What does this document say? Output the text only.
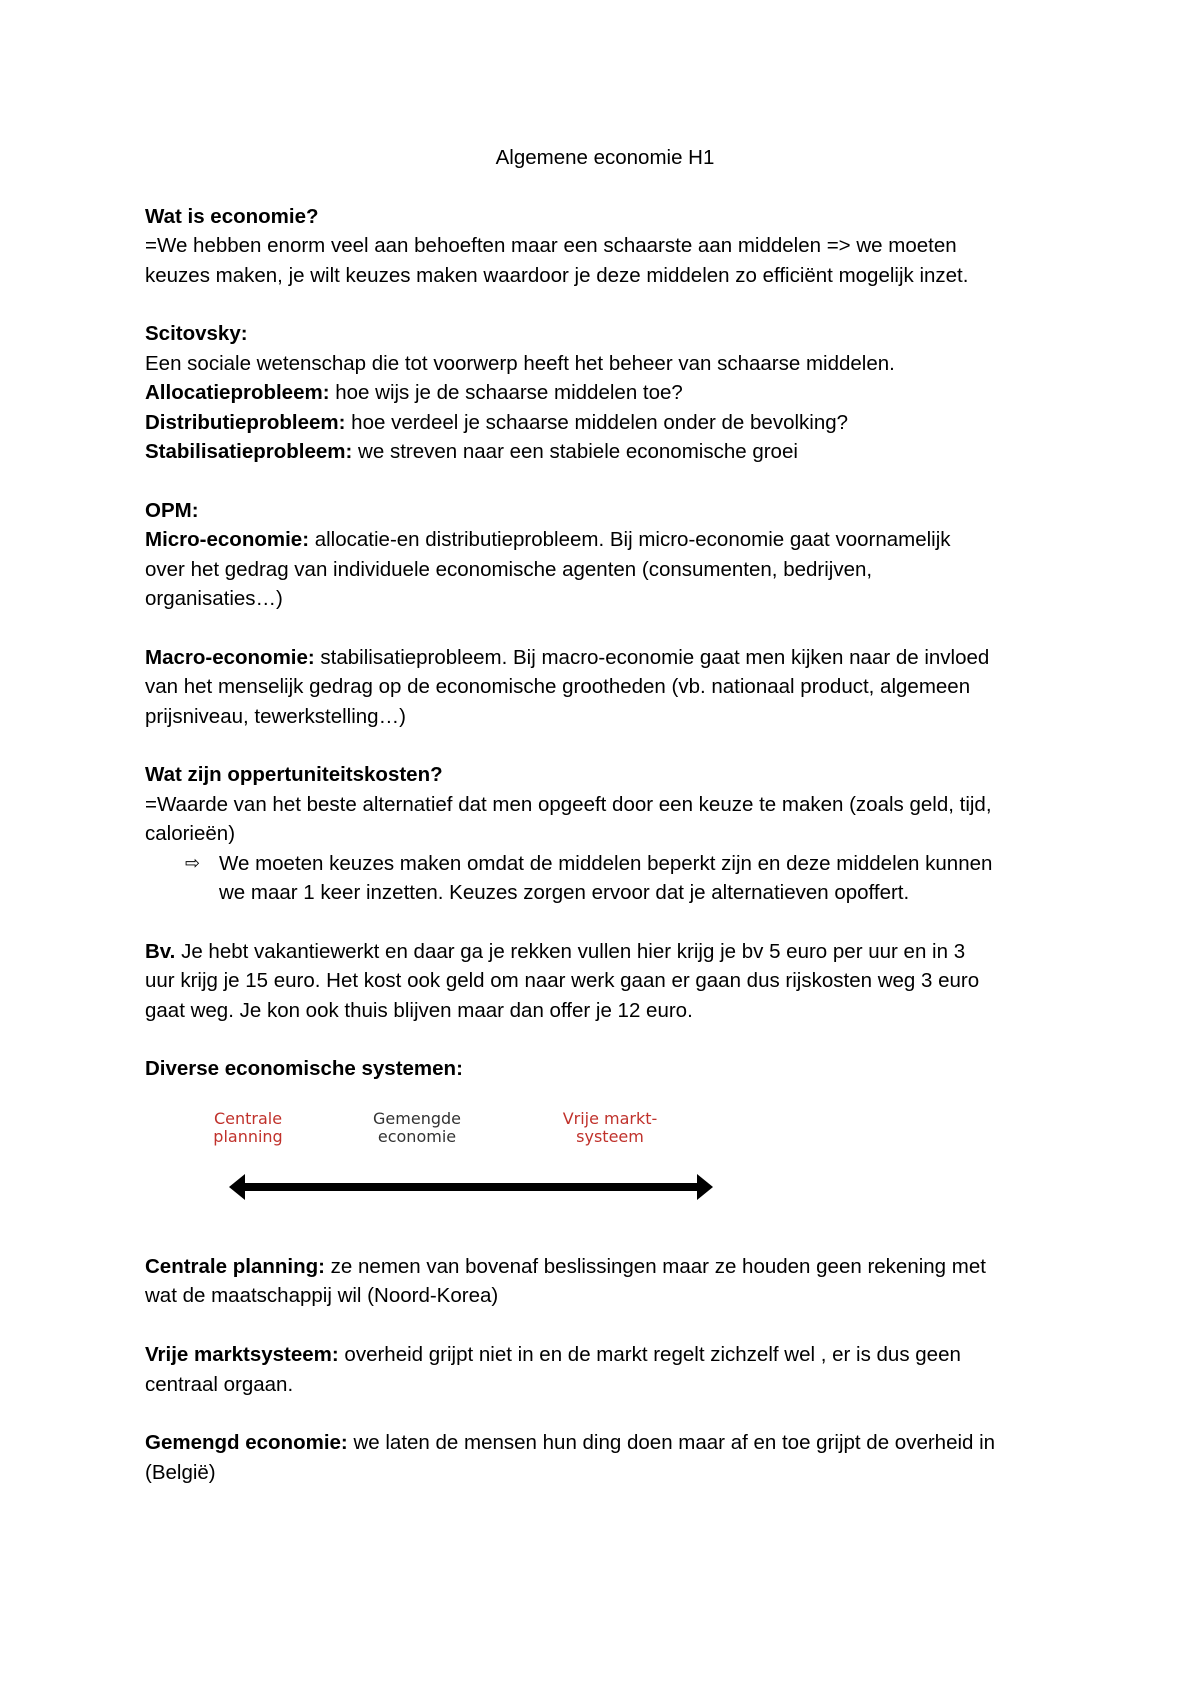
Algemene economie H1

Wat is economie?

=We hebben enorm veel aan behoeften maar een schaarste aan middelen => we moeten

keuzes maken, je wilt keuzes maken waardoor je deze middelen zo efficiënt mogelijk inzet.

Scitovsky:

Een sociale wetenschap die tot voorwerp heeft het beheer van schaarse middelen.

Allocatieprobleem: hoe wijs je de schaarse middelen toe?

Distributieprobleem: hoe verdeel je schaarse middelen onder de bevolking?

Stabilisatieprobleem: we streven naar een stabiele economische groei

OPM:

Micro-economie: allocatie-en distributieprobleem. Bij micro-economie gaat voornamelijk

over het gedrag van individuele economische agenten (consumenten, bedrijven,

organisaties…)

Macro-economie: stabilisatieprobleem. Bij macro-economie gaat men kijken naar de invloed

van het menselijk gedrag op de economische grootheden (vb. nationaal product, algemeen

prijsniveau, tewerkstelling…)

Wat zijn oppertuniteitskosten?

=Waarde van het beste alternatief dat men opgeeft door een keuze te maken (zoals geld, tijd,

calorieën)

⇨ We moeten keuzes maken omdat de middelen beperkt zijn en deze middelen kunnen
we maar 1 keer inzetten. Keuzes zorgen ervoor dat je alternatieven opoffert.

Bv. Je hebt vakantiewerkt en daar ga je rekken vullen hier krijg je bv 5 euro per uur en in 3

uur krijg je 15 euro. Het kost ook geld om naar werk gaan er gaan dus rijskosten weg 3 euro

gaat weg. Je kon ook thuis blijven maar dan offer je 12 euro.

Diverse economische systemen:

Centrale
planning
Gemengde
economie
Vrije markt-
systeem

Centrale planning: ze nemen van bovenaf beslissingen maar ze houden geen rekening met

wat de maatschappij wil (Noord-Korea)

Vrije marktsysteem: overheid grijpt niet in en de markt regelt zichzelf wel , er is dus geen

centraal orgaan.

Gemengd economie: we laten de mensen hun ding doen maar af en toe grijpt de overheid in

(België)
